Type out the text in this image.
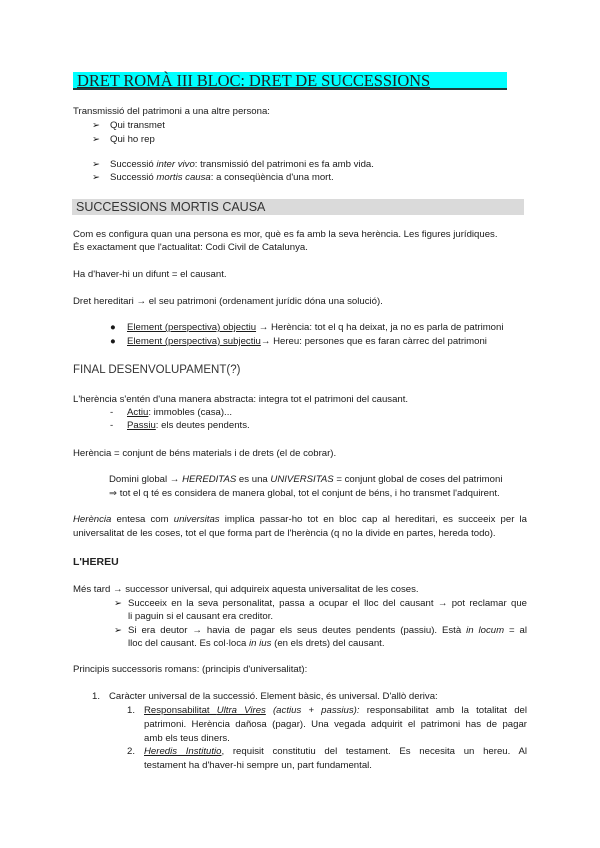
DRET ROMÀ III BLOC: DRET DE SUCCESSIONS
Transmissió del patrimoni a una altre persona:
➢ Qui transmet
➢ Qui ho rep
➢ Successió inter vivo: transmissió del patrimoni es fa amb vida.
➢ Successió mortis causa: a conseqüència d'una mort.
SUCCESSIONS MORTIS CAUSA
Com es configura quan una persona es mor, què es fa amb la seva herència. Les figures jurídiques.
És exactament que l'actualitat: Codi Civil de Catalunya.
Ha d'haver-hi un difunt = el causant.
Dret hereditari → el seu patrimoni (ordenament jurídic dóna una solució).
● Element (perspectiva) objectiu → Herència: tot el q ha deixat, ja no es parla de patrimoni
● Element (perspectiva) subjectiu→ Hereu: persones que es faran càrrec del patrimoni
FINAL DESENVOLUPAMENT(?)
L'herència s'entén d'una manera abstracta: integra tot el patrimoni del causant.
- Actiu: immobles (casa)...
- Passiu: els deutes pendents.
Herència = conjunt de béns materials i de drets (el de cobrar).
Domini global → HEREDITAS es una UNIVERSITAS = conjunt global de coses del patrimoni
⇒ tot el q té es considera de manera global, tot el conjunt de béns, i ho transmet l'adquirent.
Herència entesa com universitas implica passar-ho tot en bloc cap al hereditari, es succeeix per la
universalitat de les coses, tot el que forma part de l'herència (q no la divide en partes, hereda todo).
L'HEREU
Més tard → successor universal, qui adquireix aquesta universalitat de les coses.
➢ Succeeix en la seva personalitat, passa a ocupar el lloc del causant → pot reclamar que
li paguin si el causant era creditor.
➢ Si era deutor → havia de pagar els seus deutes pendents (passiu). Està in locum = al
lloc del causant. Es col·loca in ius (en els drets) del causant.
Principis successoris romans: (principis d'universalitat):
1. Caràcter universal de la successió. Element bàsic, és universal. D'allò deriva:
1. Responsabilitat Ultra Vires (actius + passius): responsabilitat amb la totalitat del
patrimoni. Herència dañosa (pagar). Una vegada adquirit el patrimoni has de pagar
amb els teus diners.
2. Heredis Institutio, requisit constitutiu del testament. Es necesita un hereu. Al
testament ha d'haver-hi sempre un, part fundamental.
